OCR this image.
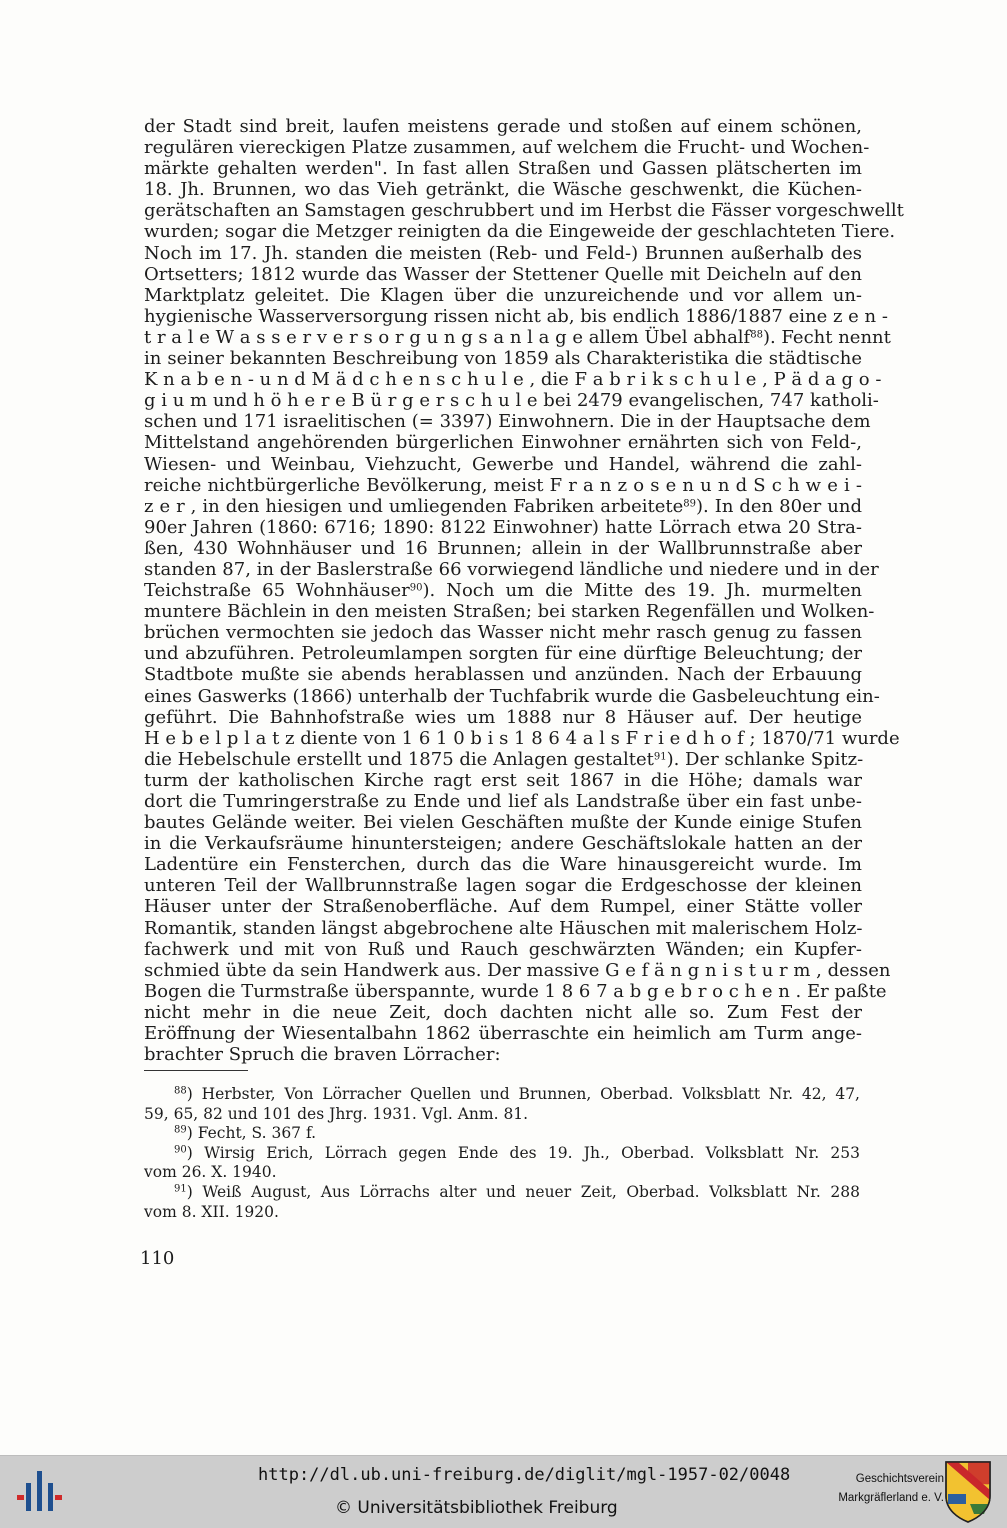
der Stadt sind breit, laufen meistens gerade und stoßen auf einem schönen,
regulären viereckigen Platze zusammen, auf welchem die Frucht- und Wochen-
märkte gehalten werden". In fast allen Straßen und Gassen plätscherten im
18. Jh. Brunnen, wo das Vieh getränkt, die Wäsche geschwenkt, die Küchen-
gerätschaften an Samstagen geschrubbert und im Herbst die Fässer vorgeschwellt
wurden; sogar die Metzger reinigten da die Eingeweide der geschlachteten Tiere.
Noch im 17. Jh. standen die meisten (Reb- und Feld-) Brunnen außerhalb des
Ortsetters; 1812 wurde das Wasser der Stettener Quelle mit Deicheln auf den
Marktplatz geleitet. Die Klagen über die unzureichende und vor allem un-
hygienische Wasserversorgung rissen nicht ab, bis endlich 1886/1887 eine z e n -
t r a l e W a s s e r v e r s o r g u n g s a n l a g e allem Übel abhalf$^{88}$). Fecht nennt
in seiner bekannten Beschreibung von 1859 als Charakteristika die städtische
K n a b e n - u n d M ä d c h e n s c h u l e , die F a b r i k s c h u l e , P ä d a g o -
g i u m und h ö h e r e B ü r g e r s c h u l e bei 2479 evangelischen, 747 katholi-
schen und 171 israelitischen (= 3397) Einwohnern. Die in der Hauptsache dem
Mittelstand angehörenden bürgerlichen Einwohner ernährten sich von Feld-,
Wiesen- und Weinbau, Viehzucht, Gewerbe und Handel, während die zahl-
reiche nichtbürgerliche Bevölkerung, meist F r a n z o s e n u n d S c h w e i -
z e r , in den hiesigen und umliegenden Fabriken arbeitete$^{89}$). In den 80er und
90er Jahren (1860: 6716; 1890: 8122 Einwohner) hatte Lörrach etwa 20 Stra-
ßen, 430 Wohnhäuser und 16 Brunnen; allein in der Wallbrunnstraße aber
standen 87, in der Baslerstraße 66 vorwiegend ländliche und niedere und in der
Teichstraße 65 Wohnhäuser$^{90}$). Noch um die Mitte des 19. Jh. murmelten
muntere Bächlein in den meisten Straßen; bei starken Regenfällen und Wolken-
brüchen vermochten sie jedoch das Wasser nicht mehr rasch genug zu fassen
und abzuführen. Petroleumlampen sorgten für eine dürftige Beleuchtung; der
Stadtbote mußte sie abends herablassen und anzünden. Nach der Erbauung
eines Gaswerks (1866) unterhalb der Tuchfabrik wurde die Gasbeleuchtung ein-
geführt. Die Bahnhofstraße wies um 1888 nur 8 Häuser auf. Der heutige
H e b e l p l a t z diente von 1 6 1 0 b i s 1 8 6 4 a l s F r i e d h o f ; 1870/71 wurde
die Hebelschule erstellt und 1875 die Anlagen gestaltet$^{91}$). Der schlanke Spitz-
turm der katholischen Kirche ragt erst seit 1867 in die Höhe; damals war
dort die Tumringerstraße zu Ende und lief als Landstraße über ein fast unbe-
bautes Gelände weiter. Bei vielen Geschäften mußte der Kunde einige Stufen
in die Verkaufsräume hinuntersteigen; andere Geschäftslokale hatten an der
Ladentüre ein Fensterchen, durch das die Ware hinausgereicht wurde. Im
unteren Teil der Wallbrunnstraße lagen sogar die Erdgeschosse der kleinen
Häuser unter der Straßenoberfläche. Auf dem Rumpel, einer Stätte voller
Romantik, standen längst abgebrochene alte Häuschen mit malerischem Holz-
fachwerk und mit von Ruß und Rauch geschwärzten Wänden; ein Kupfer-
schmied übte da sein Handwerk aus. Der massive G e f ä n g n i s t u r m , dessen
Bogen die Turmstraße überspannte, wurde 1 8 6 7 a b g e b r o c h e n . Er paßte
nicht mehr in die neue Zeit, doch dachten nicht alle so. Zum Fest der
Eröffnung der Wiesentalbahn 1862 überraschte ein heimlich am Turm ange-
brachter Spruch die braven Lörracher:
$^{88}$) Herbster, Von Lörracher Quellen und Brunnen, Oberbad. Volksblatt Nr. 42, 47,
59, 65, 82 und 101 des Jhrg. 1931. Vgl. Anm. 81.
$^{89}$) Fecht, S. 367 f.
$^{90}$) Wirsig Erich, Lörrach gegen Ende des 19. Jh., Oberbad. Volksblatt Nr. 253
vom 26. X. 1940.
$^{91}$) Weiß August, Aus Lörrachs alter und neuer Zeit, Oberbad. Volksblatt Nr. 288
vom 8. XII. 1920.
110
http://dl.ub.uni-freiburg.de/diglit/mgl-1957-02/0048
© Universitätsbibliothek Freiburg
Geschichtsverein
Markgräflerland e. V.
